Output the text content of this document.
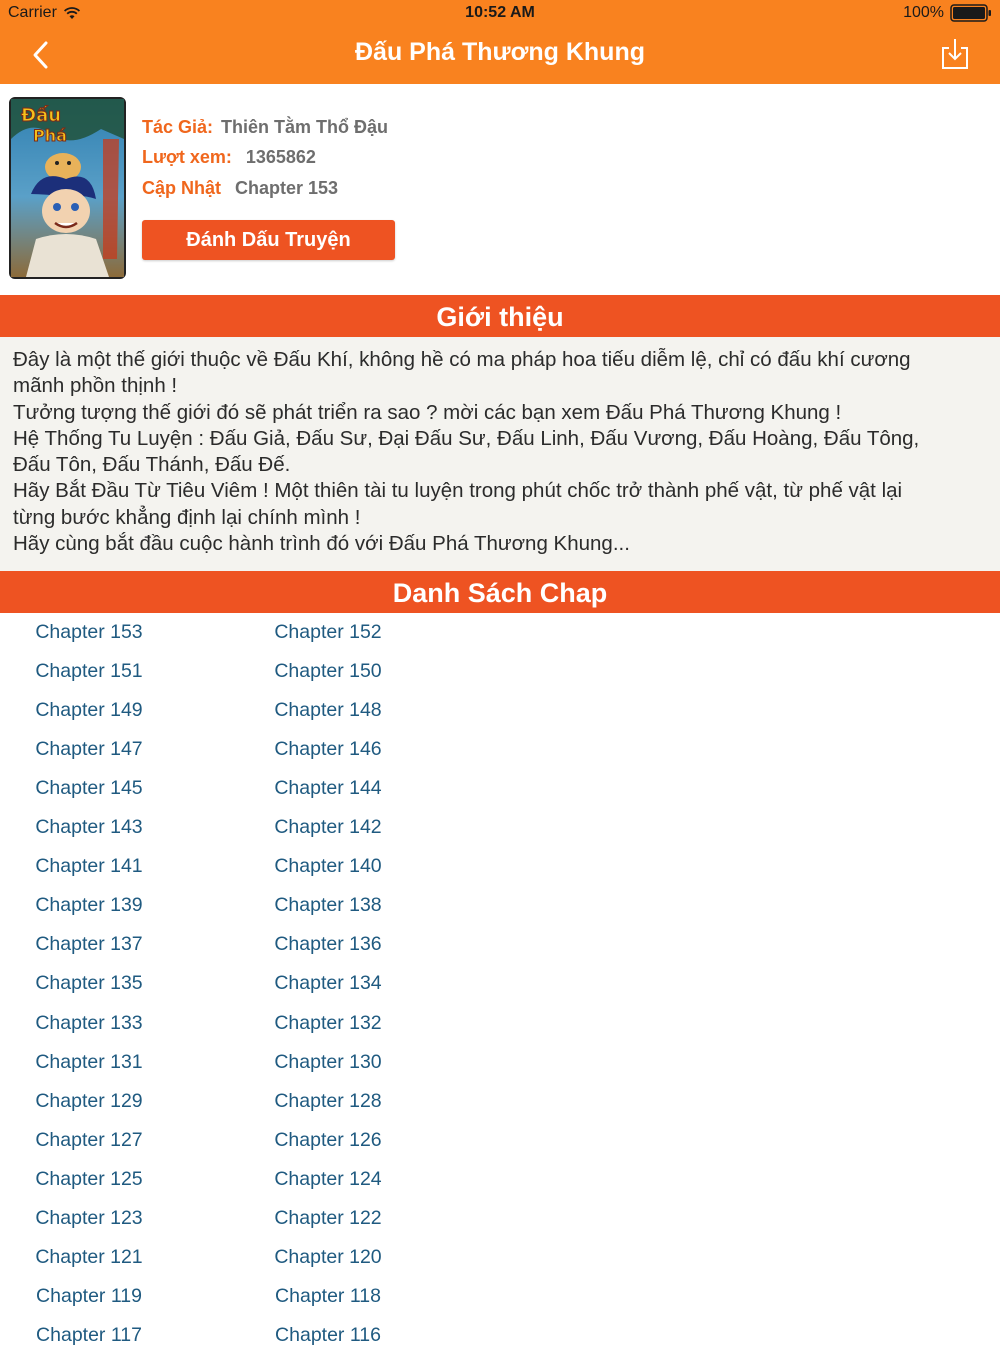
Carrier	10:52 AM	100%
Đấu Phá Thương Khung
Đấu
Phá	Tác Giả: Thiên Tằm Thổ Đậu
Lượt xem: 1365862
Cập Nhật Chapter 153
Đánh Dấu Truyện
Giới thiệu
Đây là một thế giới thuộc về Đấu Khí, không hề có ma pháp hoa tiếu diễm lệ, chỉ có đấu khí cương
mãnh phồn thịnh !
Tưởng tượng thế giới đó sẽ phát triển ra sao ? mời các bạn xem Đấu Phá Thương Khung !
Hệ Thống Tu Luyện : Đấu Giả, Đấu Sư, Đại Đấu Sư, Đấu Linh, Đấu Vương, Đấu Hoàng, Đấu Tông,
Đấu Tôn, Đấu Thánh, Đấu Đế.
Hãy Bắt Đầu Từ Tiêu Viêm ! Một thiên tài tu luyện trong phút chốc trở thành phế vật, từ phế vật lại
từng bước khẳng định lại chính mình !
Hãy cùng bắt đầu cuộc hành trình đó với Đấu Phá Thương Khung...
Danh Sách Chap
Chapter 153	Chapter 152
Chapter 151	Chapter 150
Chapter 149	Chapter 148
Chapter 147	Chapter 146
Chapter 145	Chapter 144
Chapter 143	Chapter 142
Chapter 141	Chapter 140
Chapter 139	Chapter 138
Chapter 137	Chapter 136
Chapter 135	Chapter 134
Chapter 133	Chapter 132
Chapter 131	Chapter 130
Chapter 129	Chapter 128
Chapter 127	Chapter 126
Chapter 125	Chapter 124
Chapter 123	Chapter 122
Chapter 121	Chapter 120
Chapter 119	Chapter 118
Chapter 117	Chapter 116
